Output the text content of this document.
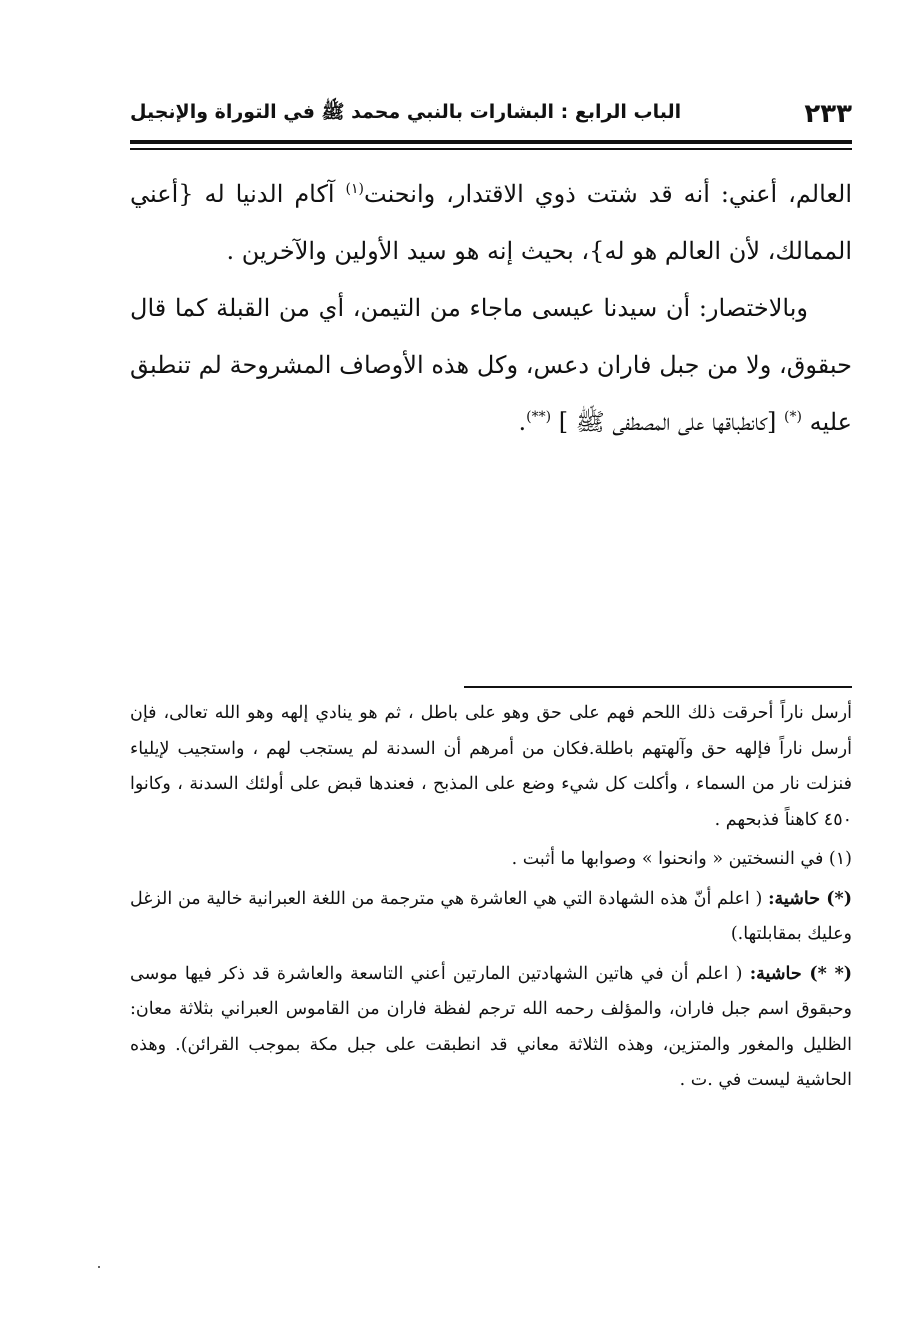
٢٣٣
الباب الرابع : البشارات بالنبي محمد ﷺ في التوراة والإنجيل

العالم، أعني: أنه قد شتت ذوي الاقتدار، وانحنت$^{(١)}$ آكام الدنيا له {أعني الممالك، لأن العالم هو له}، بحيث إنه هو سيد الأولين والآخرين .

وبالاختصار: أن سيدنا عيسى ماجاء من التيمن، أي من القبلة كما قال حبقوق، ولا من جبل فاران دعس، وكل هذه الأوصاف المشروحة لم تنطبق عليه (*) [كانطباقها على المصطفى ﷺ ] (**).

أرسل ناراً أحرقت ذلك اللحم فهم على حق وهو على باطل ، ثم هو ينادي إلهه وهو الله تعالى، فإن أرسل ناراً فإلهه حق وآلهتهم باطلة.فكان من أمرهم أن السدنة لم يستجب لهم ، واستجيب لإيلياء فنزلت نار من السماء ، وأكلت كل شيء وضع على المذبح ، فعندها قبض على أولئك السدنة ، وكانوا ٤٥٠ كاهناً فذبحهم .

(١) في النسختين « وانحنوا » وصوابها ما أثبت .

(*) حاشية: ( اعلم أنّ هذه الشهادة التي هي العاشرة هي مترجمة من اللغة العبرانية خالية من الزغل وعليك بمقابلتها.)

(* *) حاشية: ( اعلم أن في هاتين الشهادتين المارتين أعني التاسعة والعاشرة قد ذكر فيها موسى وحبقوق اسم جبل فاران، والمؤلف رحمه الله ترجم لفظة فاران من القاموس العبراني بثلاثة معان: الظليل والمغور والمتزين، وهذه الثلاثة معاني قد انطبقت على جبل مكة بموجب القرائن). وهذه الحاشية ليست في .ت .
